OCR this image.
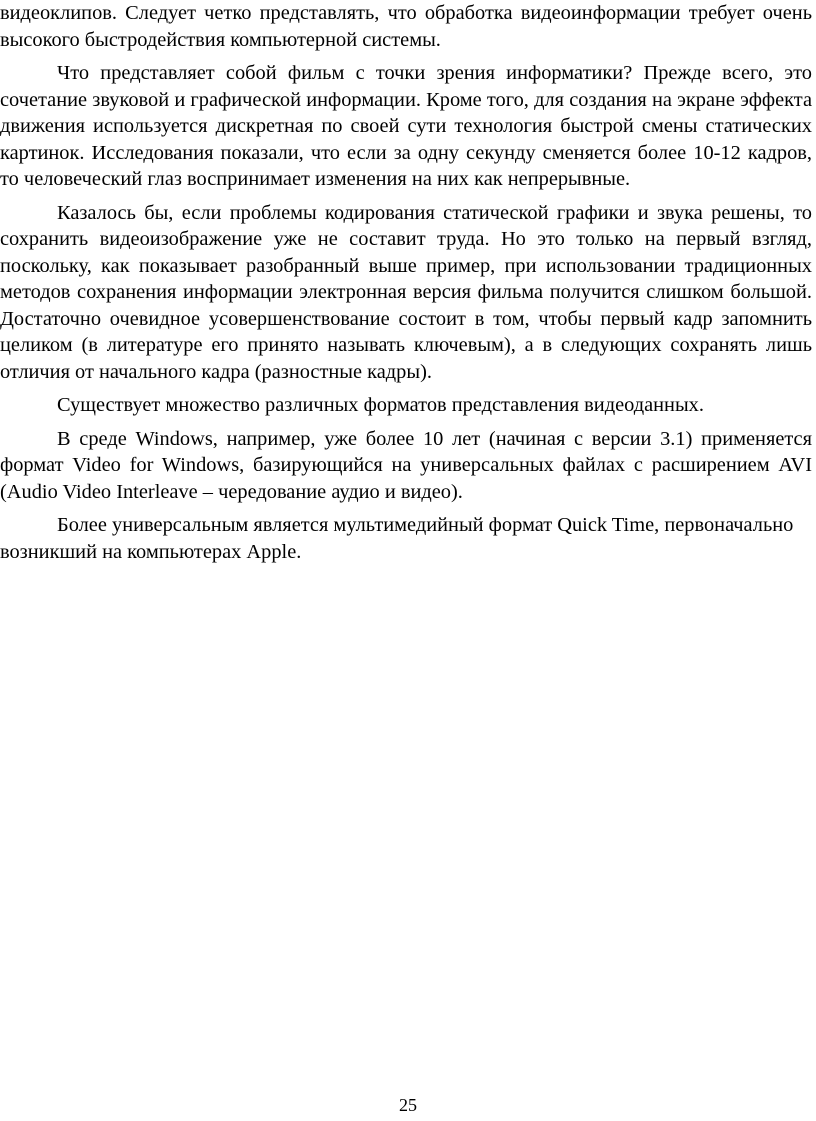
видеоклипов. Следует четко представлять, что обработка видеоинформации требует очень высокого быстродействия компьютерной системы.

Что представляет собой фильм с точки зрения информатики? Прежде всего, это сочетание звуковой и графической информации. Кроме того, для создания на экране эффекта движения используется дискретная по своей сути технология быстрой смены статических картинок. Исследования показали, что если за одну секунду сменяется более 10-12 кадров, то человеческий глаз воспринимает изменения на них как непрерывные.

Казалось бы, если проблемы кодирования статической графики и звука решены, то сохранить видеоизображение уже не составит труда. Но это только на первый взгляд, поскольку, как показывает разобранный выше пример, при использовании традиционных методов сохранения информации электронная версия фильма получится слишком большой. Достаточно очевидное усовершенствование состоит в том, чтобы первый кадр запомнить целиком (в литературе его принято называть ключевым), а в следующих сохранять лишь отличия от начального кадра (разностные кадры).

Существует множество различных форматов представления видеоданных.

В среде Windows, например, уже более 10 лет (начиная с версии 3.1) применяется формат Video for Windows, базирующийся на универсальных файлах с расширением AVI (Audio Video Interleave – чередование аудио и видео).

Более универсальным является мультимедийный формат Quick Time, первоначально возникший на компьютерах Apple.

25
